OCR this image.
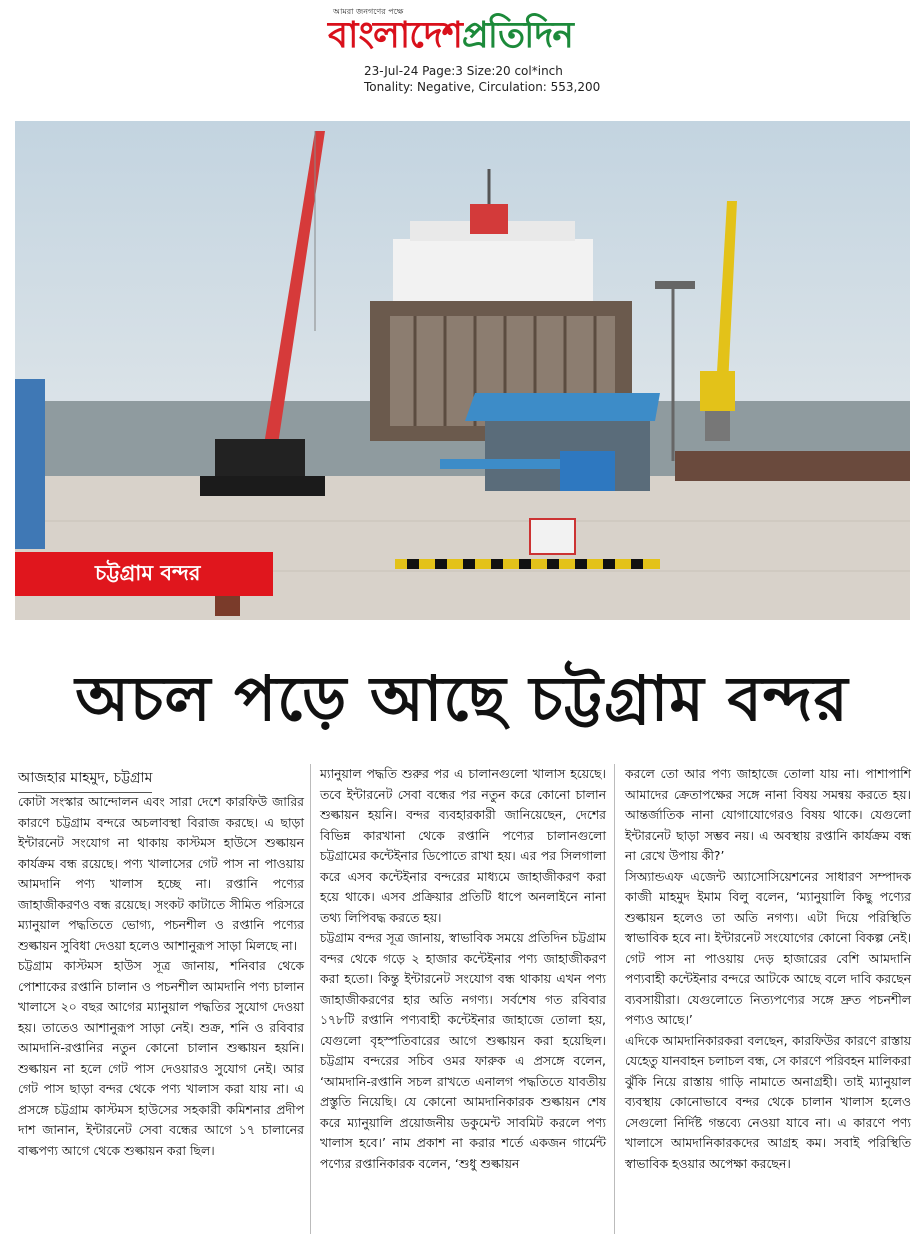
আমরা জনগণের পক্ষে
বাংলাদেশপ্রতিদিন
23-Jul-24 Page:3 Size:20 col*inch
Tonality: Negative, Circulation: 553,200
চট্টগ্রাম বন্দর
অচল পড়ে আছে চট্টগ্রাম বন্দর
আজহার মাহমুদ, চট্টগ্রাম

কোটা সংস্কার আন্দোলন এবং সারা দেশে কারফিউ জারির কারণে চট্টগ্রাম বন্দরে অচলাবস্থা বিরাজ করছে। এ ছাড়া ইন্টারনেট সংযোগ না থাকায় কাস্টমস হাউসে শুল্কায়ন কার্যক্রম বন্ধ রয়েছে। পণ্য খালাসের গেট পাস না পাওয়ায় আমদানি পণ্য খালাস হচ্ছে না। রপ্তানি পণ্যের জাহাজীকরণও বন্ধ রয়েছে। সংকট কাটাতে সীমিত পরিসরে ম্যানুয়াল পদ্ধতিতে ভোগ্য, পচনশীল ও রপ্তানি পণ্যের শুল্কায়ন সুবিধা দেওয়া হলেও আশানুরূপ সাড়া মিলছে না।

চট্টগ্রাম কাস্টমস হাউস সূত্র জানায়, শনিবার থেকে পোশাকের রপ্তানি চালান ও পচনশীল আমদানি পণ্য চালান খালাসে ২০ বছর আগের ম্যানুয়াল পদ্ধতির সুযোগ দেওয়া হয়। তাতেও আশানুরূপ সাড়া নেই। শুক্র, শনি ও রবিবার আমদানি-রপ্তানির নতুন কোনো চালান শুল্কায়ন হয়নি। শুল্কায়ন না হলে গেট পাস দেওয়ারও সুযোগ নেই। আর গেট পাস ছাড়া বন্দর থেকে পণ্য খালাস করা যায় না। এ প্রসঙ্গে চট্টগ্রাম কাস্টমস হাউসের সহকারী কমিশনার প্রদীপ দাশ জানান, ইন্টারনেট সেবা বন্ধের আগে ১৭ চালানের বাল্কপণ্য আগে থেকে শুল্কায়ন করা ছিল।

ম্যানুয়াল পদ্ধতি শুরুর পর এ চালানগুলো খালাস হয়েছে। তবে ইন্টারনেট সেবা বন্ধের পর নতুন করে কোনো চালান শুল্কায়ন হয়নি। বন্দর ব্যবহারকারী জানিয়েছেন, দেশের বিভিন্ন কারখানা থেকে রপ্তানি পণ্যের চালানগুলো চট্টগ্রামের কন্টেইনার ডিপোতে রাখা হয়। এর পর সিলগালা করে এসব কন্টেইনার বন্দরের মাধ্যমে জাহাজীকরণ করা হয়ে থাকে। এসব প্রক্রিয়ার প্রতিটি ধাপে অনলাইনে নানা তথ্য লিপিবদ্ধ করতে হয়।

চট্টগ্রাম বন্দর সূত্র জানায়, স্বাভাবিক সময়ে প্রতিদিন চট্টগ্রাম বন্দর থেকে গড়ে ২ হাজার কন্টেইনার পণ্য জাহাজীকরণ করা হতো। কিন্তু ইন্টারনেট সংযোগ বন্ধ থাকায় এখন পণ্য জাহাজীকরণের হার অতি নগণ্য। সর্বশেষ গত রবিবার ১৭৮টি রপ্তানি পণ্যবাহী কন্টেইনার জাহাজে তোলা হয়, যেগুলো বৃহস্পতিবারের আগে শুল্কায়ন করা হয়েছিল। চট্টগ্রাম বন্দরের সচিব ওমর ফারুক এ প্রসঙ্গে বলেন, ‘আমদানি-রপ্তানি সচল রাখতে এনালগ পদ্ধতিতে যাবতীয় প্রস্তুতি নিয়েছি। যে কোনো আমদানিকারক শুল্কায়ন শেষ করে ম্যানুয়ালি প্রয়োজনীয় ডকুমেন্ট সাবমিট করলে পণ্য খালাস হবে।’ নাম প্রকাশ না করার শর্তে একজন গার্মেন্ট পণ্যের রপ্তানিকারক বলেন, ‘শুধু শুল্কায়ন

করলে তো আর পণ্য জাহাজে তোলা যায় না। পাশাপাশি আমাদের ক্রেতাপক্ষের সঙ্গে নানা বিষয় সমন্বয় করতে হয়। আন্তর্জাতিক নানা যোগাযোগেরও বিষয় থাকে। যেগুলো ইন্টারনেট ছাড়া সম্ভব নয়। এ অবস্থায় রপ্তানি কার্যক্রম বন্ধ না রেখে উপায় কী?’

সিঅ্যান্ডএফ এজেন্ট অ্যাসোসিয়েশনের সাধারণ সম্পাদক কাজী মাহমুদ ইমাম বিলু বলেন, ‘ম্যানুয়ালি কিছু পণ্যের শুল্কায়ন হলেও তা অতি নগণ্য। এটা দিয়ে পরিস্থিতি স্বাভাবিক হবে না। ইন্টারনেট সংযোগের কোনো বিকল্প নেই। গেট পাস না পাওয়ায় দেড় হাজারের বেশি আমদানি পণ্যবাহী কন্টেইনার বন্দরে আটকে আছে বলে দাবি করছেন ব্যবসায়ীরা। যেগুলোতে নিত্যপণ্যের সঙ্গে দ্রুত পচনশীল পণ্যও আছে।’

এদিকে আমদানিকারকরা বলছেন, কারফিউর কারণে রাস্তায় যেহেতু যানবাহন চলাচল বন্ধ, সে কারণে পরিবহন মালিকরা ঝুঁকি নিয়ে রাস্তায় গাড়ি নামাতে অনাগ্রহী। তাই ম্যানুয়াল ব্যবস্থায় কোনোভাবে বন্দর থেকে চালান খালাস হলেও সেগুলো নির্দিষ্ট গন্তব্যে নেওয়া যাবে না। এ কারণে পণ্য খালাসে আমদানিকারকদের আগ্রহ কম। সবাই পরিস্থিতি স্বাভাবিক হওয়ার অপেক্ষা করছেন।
